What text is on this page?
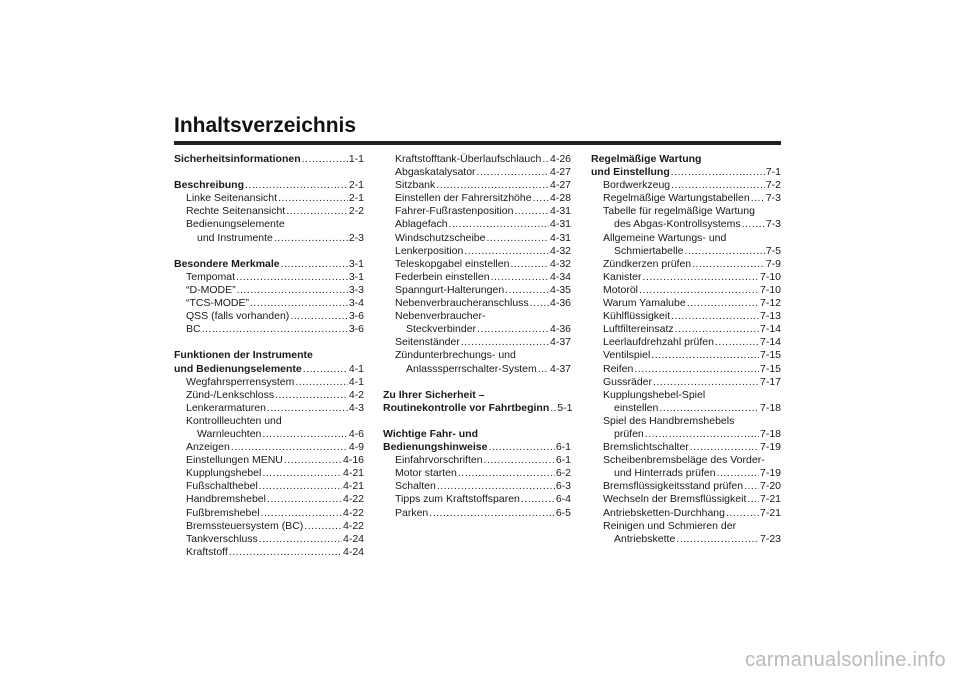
Inhaltsverzeichnis
Sicherheitsinformationen .....	1-1
Beschreibung .....	2-1
Linke Seitenansicht .....	2-1
Rechte Seitenansicht .....	2-2
Bedienungselemente
und Instrumente .....	2-3
Besondere Merkmale .....	3-1
Tempomat .....	3-1
“D-MODE” .....	3-3
“TCS-MODE” .....	3-4
QSS (falls vorhanden) .....	3-6
BC .....	3-6
Funktionen der Instrumente
und Bedienungselemente .....	4-1
Wegfahrsperrensystem .....	4-1
Zünd-/Lenkschloss .....	4-2
Lenkerarmaturen .....	4-3
Kontrollleuchten und
Warnleuchten .....	4-6
Anzeigen .....	4-9
Einstellungen MENU .....	4-16
Kupplungshebel .....	4-21
Fußschalthebel .....	4-21
Handbremshebel .....	4-22
Fußbremshebel .....	4-22
Bremssteuersystem (BC) .....	4-22
Tankverschluss .....	4-24
Kraftstoff .....	4-24
Kraftstofftank-Überlaufschlauch ..... 4-26
Abgaskatalysator .....	4-27
Sitzbank .....	4-27
Einstellen der Fahrersitzhöhe ..... 4-28
Fahrer-Fußrastenposition .....	4-31
Ablagefach .....	4-31
Windschutzscheibe .....	4-31
Lenkerposition .....	4-32
Teleskopgabel einstellen .....	4-32
Federbein einstellen .....	4-34
Spanngurt-Halterungen .....	4-35
Nebenverbraucheranschluss ..... 4-36
Nebenverbraucher-
Steckverbinder .....	4-36
Seitenständer .....	4-37
Zündunterbrechungs- und
Anlasssperrschalter-System ..... 4-37
Zu Ihrer Sicherheit –
Routinekontrolle vor Fahrtbeginn ..... 5-1
Wichtige Fahr- und
Bedienungshinweise .....	6-1
Einfahrvorschriften .....	6-1
Motor starten .....	6-2
Schalten .....	6-3
Tipps zum Kraftstoffsparen .....	6-4
Parken .....	6-5
Regelmäßige Wartung
und Einstellung .....	7-1
Bordwerkzeug .....	7-2
Regelmäßige Wartungstabellen ..... 7-3
Tabelle für regelmäßige Wartung
des Abgas-Kontrollsystems ..... 7-3
Allgemeine Wartungs- und
Schmiertabelle .....	7-5
Zündkerzen prüfen .....	7-9
Kanister .....	7-10
Motoröl .....	7-10
Warum Yamalube .....	7-12
Kühlflüssigkeit .....	7-13
Luftfiltereinsatz .....	7-14
Leerlaufdrehzahl prüfen .....	7-14
Ventilspiel .....	7-15
Reifen .....	7-15
Gussräder .....	7-17
Kupplungshebel-Spiel
einstellen .....	7-18
Spiel des Handbremshebels
prüfen .....	7-18
Bremslichtschalter .....	7-19
Scheibenbremsbeläge des Vorder-
und Hinterrads prüfen .....	7-19
Bremsflüssigkeitsstand prüfen ..... 7-20
Wechseln der Bremsflüssigkeit ..... 7-21
Antriebsketten-Durchhang .....	7-21
Reinigen und Schmieren der
Antriebskette .....	7-23
carmanualsonline.info
